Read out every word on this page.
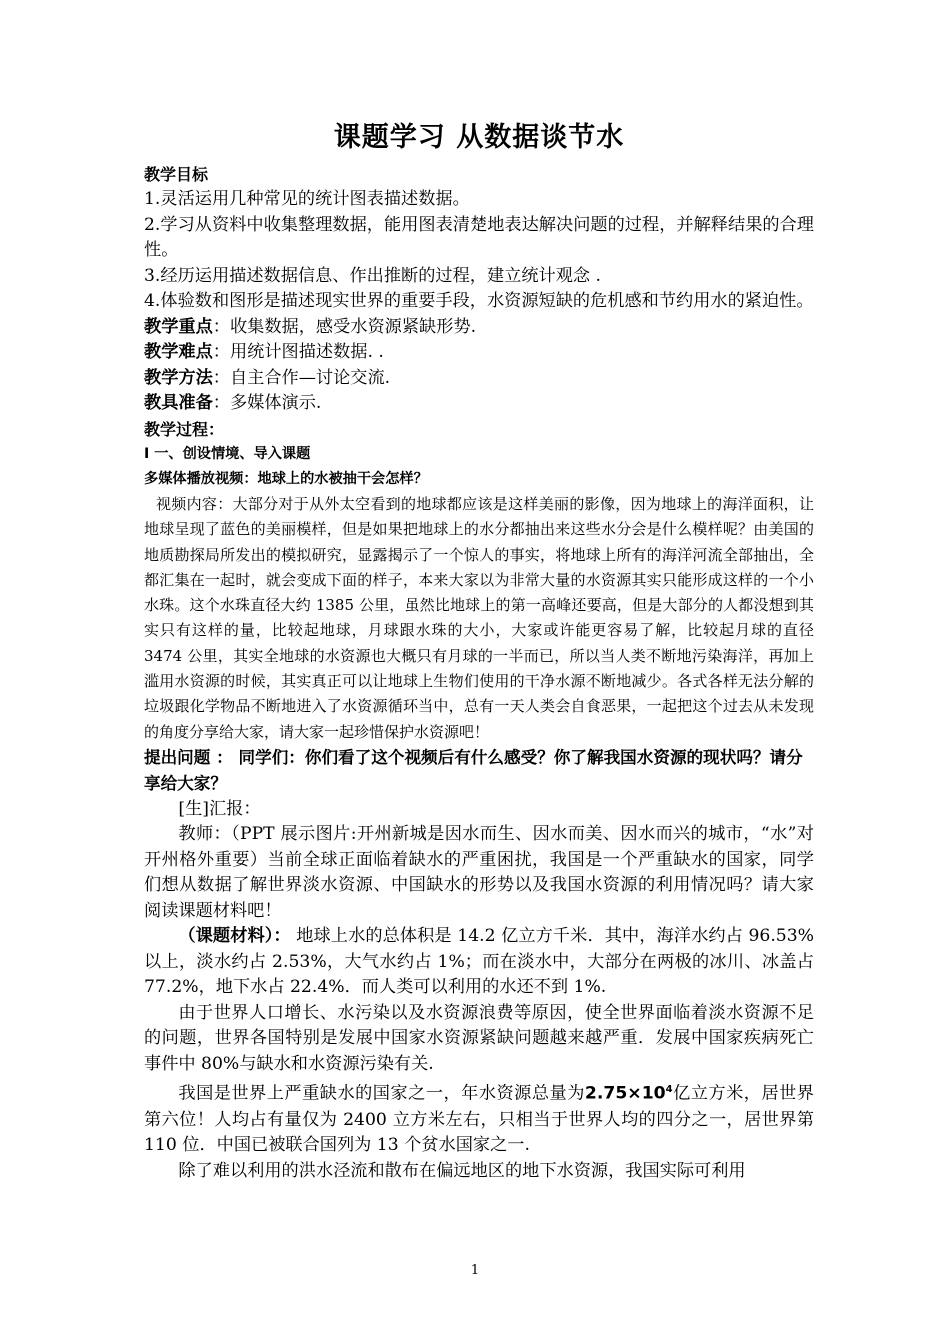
课题学习 从数据谈节水

教学目标

1.灵活运用几种常见的统计图表描述数据。

2.学习从资料中收集整理数据，能用图表清楚地表达解决问题的过程，并解释结果的合理性。

3.经历运用描述数据信息、作出推断的过程，建立统计观念 .

4.体验数和图形是描述现实世界的重要手段，水资源短缺的危机感和节约用水的紧迫性。

教学重点：收集数据，感受水资源紧缺形势.

教学难点：用统计图描述数据. .

教学方法：自主合作—讨论交流.

教具准备：多媒体演示.

教学过程：

Ⅰ 一、创设情境、导入课题

多媒体播放视频：地球上的水被抽干会怎样？

视频内容：大部分对于从外太空看到的地球都应该是这样美丽的影像，因为地球上的海洋面积，让地球呈现了蓝色的美丽模样，但是如果把地球上的水分都抽出来这些水分会是什么模样呢？由美国的地质勘探局所发出的模拟研究，显露揭示了一个惊人的事实，将地球上所有的海洋河流全部抽出，全都汇集在一起时，就会变成下面的样子，本来大家以为非常大量的水资源其实只能形成这样的一个小水珠。这个水珠直径大约 1385 公里，虽然比地球上的第一高峰还要高，但是大部分的人都没想到其实只有这样的量，比较起地球，月球跟水珠的大小，大家或许能更容易了解，比较起月球的直径 3474 公里，其实全地球的水资源也大概只有月球的一半而已，所以当人类不断地污染海洋，再加上滥用水资源的时候，其实真正可以让地球上生物们使用的干净水源不断地减少。各式各样无法分解的垃圾跟化学物品不断地进入了水资源循环当中，总有一天人类会自食恶果，一起把这个过去从未发现的角度分享给大家，请大家一起珍惜保护水资源吧！

提出问题 ： 同学们：你们看了这个视频后有什么感受？你了解我国水资源的现状吗？请分享给大家？

[生]汇报：

教师：（PPT 展示图片:开州新城是因水而生、因水而美、因水而兴的城市，“水”对开州格外重要）当前全球正面临着缺水的严重困扰，我国是一个严重缺水的国家，同学们想从数据了解世界淡水资源、中国缺水的形势以及我国水资源的利用情况吗？请大家阅读课题材料吧！

（课题材料）： 地球上水的总体积是 14.2 亿立方千米．其中，海洋水约占 96.53%以上，淡水约占 2.53%，大气水约占 1%；而在淡水中，大部分在两极的冰川、冰盖占 77.2%，地下水占 22.4%．而人类可以利用的水还不到 1%.

由于世界人口增长、水污染以及水资源浪费等原因，使全世界面临着淡水资源不足的问题，世界各国特别是发展中国家水资源紧缺问题越来越严重．发展中国家疾病死亡事件中 80%与缺水和水资源污染有关.

我国是世界上严重缺水的国家之一，年水资源总量为$2.75\times 10^4$亿立方米，居世界第六位！人均占有量仅为 2400 立方米左右，只相当于世界人均的四分之一，居世界第 110 位．中国已被联合国列为 13 个贫水国家之一.

除了难以利用的洪水泾流和散布在偏远地区的地下水资源，我国实际可利用

1
